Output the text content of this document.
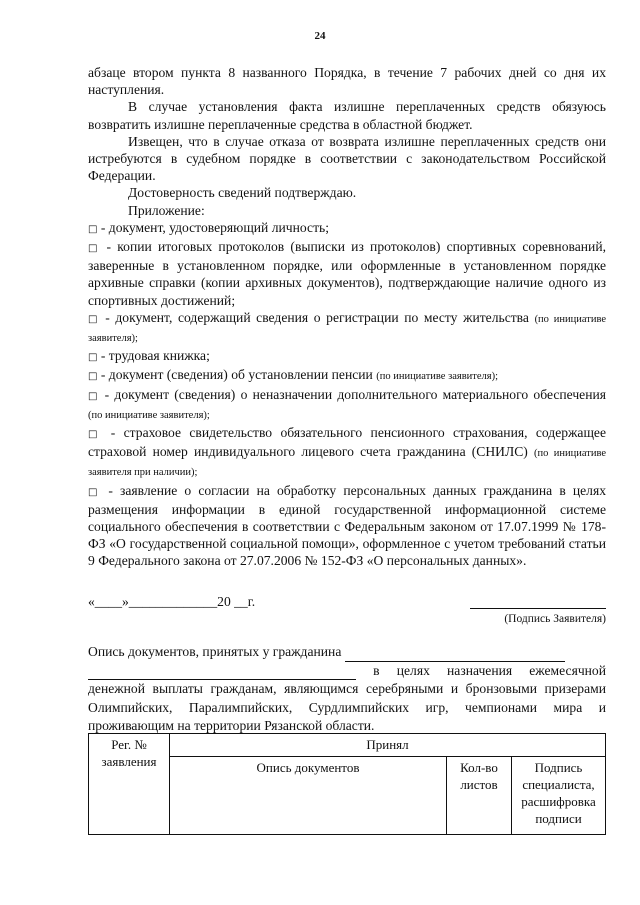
24

абзаце втором пункта 8 названного Порядка, в течение 7 рабочих дней со дня их наступления.

В случае установления факта излишне переплаченных средств обязуюсь возвратить излишне переплаченные средства в областной бюджет.

Извещен, что в случае отказа от возврата излишне переплаченных средств они истребуются в судебном порядке в соответствии с законодательством Российской Федерации.

Достоверность сведений подтверждаю.

Приложение:

□ - документ, удостоверяющий личность;

□ - копии итоговых протоколов (выписки из протоколов) спортивных соревнований, заверенные в установленном порядке, или оформленные в установленном порядке архивные справки (копии архивных документов), подтверждающие наличие одного из спортивных достижений;

□ - документ, содержащий сведения о регистрации по месту жительства (по инициативе заявителя);

□ - трудовая книжка;

□ - документ (сведения) об установлении пенсии (по инициативе заявителя);

□ - документ (сведения) о неназначении дополнительного материального обеспечения (по инициативе заявителя);

□ - страховое свидетельство обязательного пенсионного страхования, содержащее страховой номер индивидуального лицевого счета гражданина (СНИЛС) (по инициативе заявителя при наличии);

□ - заявление о согласии на обработку персональных данных гражданина в целях размещения информации в единой государственной информационной системе социального обеспечения в соответствии с Федеральным законом от 17.07.1999 № 178-ФЗ «О государственной социальной помощи», оформленное с учетом требований статьи 9 Федерального закона от 27.07.2006 № 152-ФЗ «О персональных данных».

«____»_____________20 __г.
(Подпись Заявителя)

Опись документов, принятых у гражданина

в целях назначения ежемесячной денежной выплаты гражданам, являющимся серебряными и бронзовыми призерами Олимпийских, Паралимпийских, Сурдлимпийских игр, чемпионами мира и проживающим на территории Рязанской области.

Рег. № заявления	Принял		
	Опись документов	Кол-во листов	Подпись специалиста, расшифровка подписи
